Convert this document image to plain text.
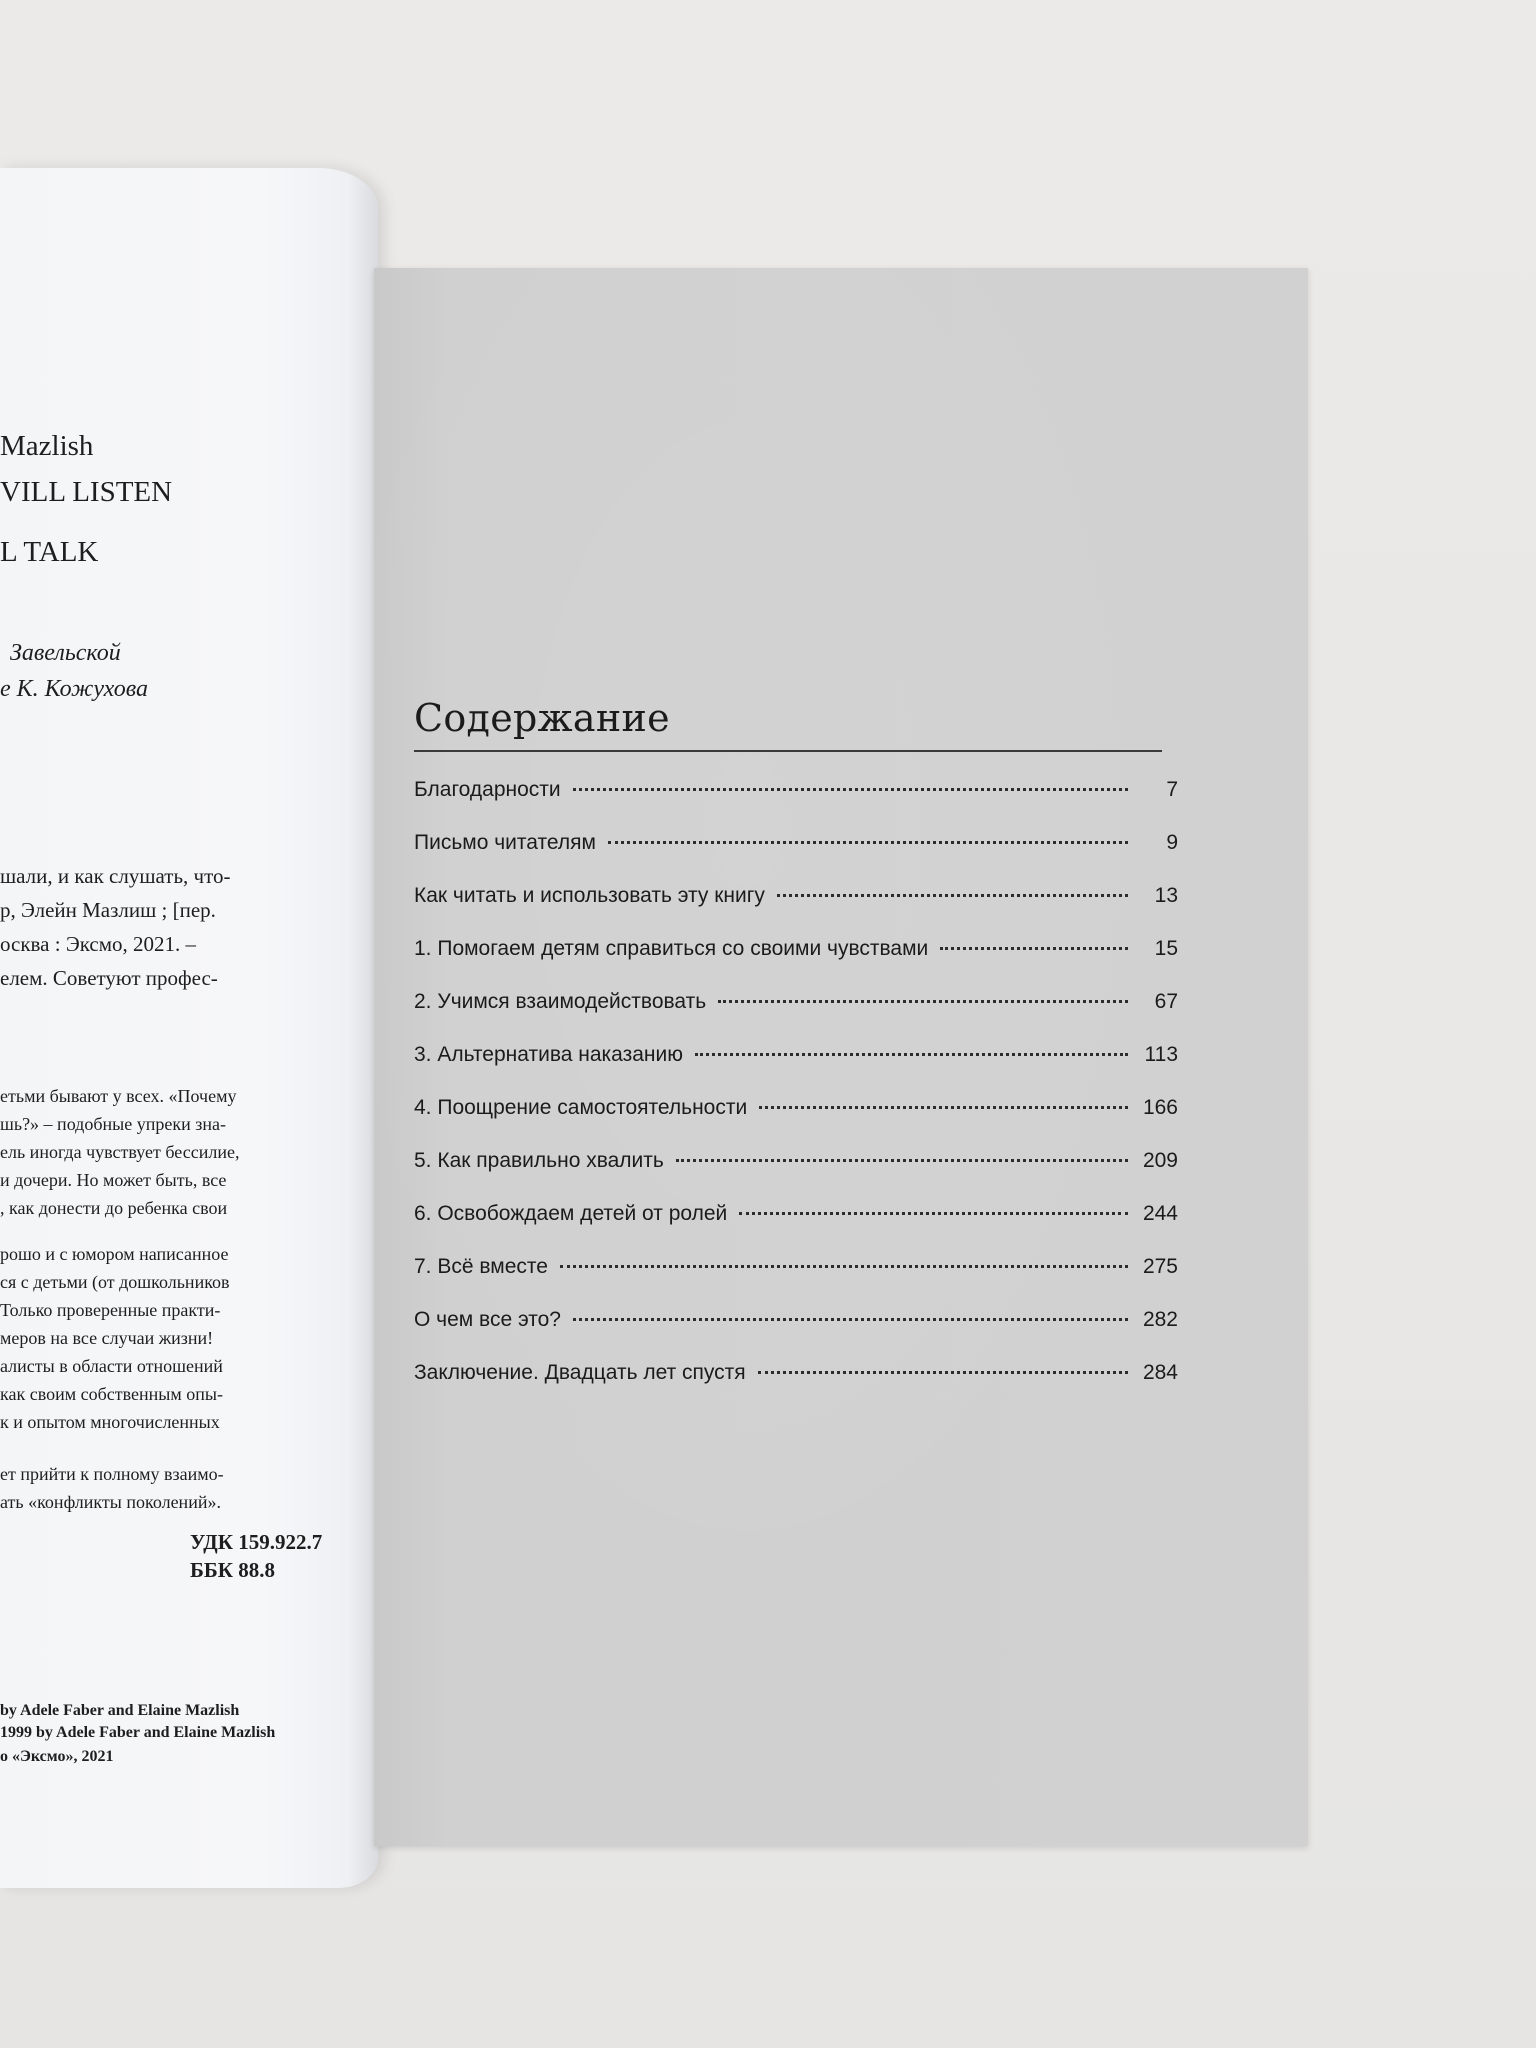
Mazlish
VILL LISTEN
L TALK
Завельской
е К. Кожухова
шали, и как слушать, что-
р, Элейн Мазлиш ; [пер.
осква : Эксмо, 2021. –
елем. Советуют профес-
етьми бывают у всех. «Почему
шь?» – подобные упреки зна-
ель иногда чувствует бессилие,
и дочери. Но может быть, все
, как донести до ребенка свои
рошо и с юмором написанное
ся с детьми (от дошкольников
Только проверенные практи-
меров на все случаи жизни!
алисты в области отношений
как своим собственным опы-
к и опытом многочисленных
ет прийти к полному взаимо-
ать «конфликты поколений».
УДК 159.922.7
ББК 88.8
by Adele Faber and Elaine Mazlish
1999 by Adele Faber and Elaine Mazlish
о «Эксмо», 2021
Содержание
Благодарности	7
Письмо читателям	9
Как читать и использовать эту книгу	13
1. Помогаем детям справиться со своими чувствами	15
2. Учимся взаимодействовать	67
3. Альтернатива наказанию	113
4. Поощрение самостоятельности	166
5. Как правильно хвалить	209
6. Освобождаем детей от ролей	244
7. Всё вместе	275
О чем все это?	282
Заключение. Двадцать лет спустя	284
